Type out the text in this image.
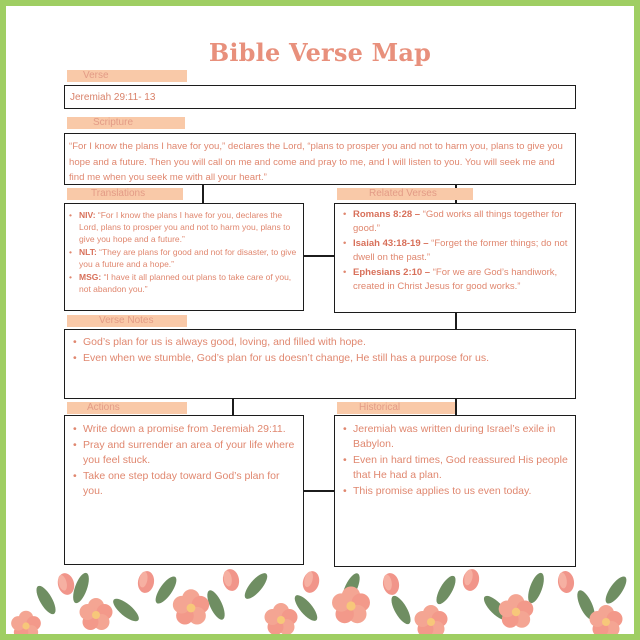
Bible Verse Map
Verse
Jeremiah 29:11- 13
Scripture
“For I know the plans I have for you,” declares the Lord, “plans to prosper you and not to harm you, plans to give you hope and a future. Then you will call on me and come and pray to me, and I will listen to you. You will seek me and find me when you seek me with all your heart.”
Translations
• NIV: “For I know the plans I have for you, declares the Lord, plans to prosper you and not to harm you, plans to give you hope and a future.”
• NLT: “They are plans for good and not for disaster, to give you a future and a hope.”
• MSG: “I have it all planned out plans to take care of you, not abandon you.”
Related Verses
• Romans 8:28 – “God works all things together for good.”
• Isaiah 43:18-19 – “Forget the former things; do not dwell on the past.”
• Ephesians 2:10 – “For we are God’s handiwork, created in Christ Jesus for good works.”
Verse Notes
• God’s plan for us is always good, loving, and filled with hope.
• Even when we stumble, God’s plan for us doesn’t change, He still has a purpose for us.
Actions
• Write down a promise from Jeremiah 29:11.
• Pray and surrender an area of your life where you feel stuck.
• Take one step today toward God’s plan for you.
Historical
• Jeremiah was written during Israel’s exile in Babylon.
• Even in hard times, God reassured His people that He had a plan.
• This promise applies to us even today.
